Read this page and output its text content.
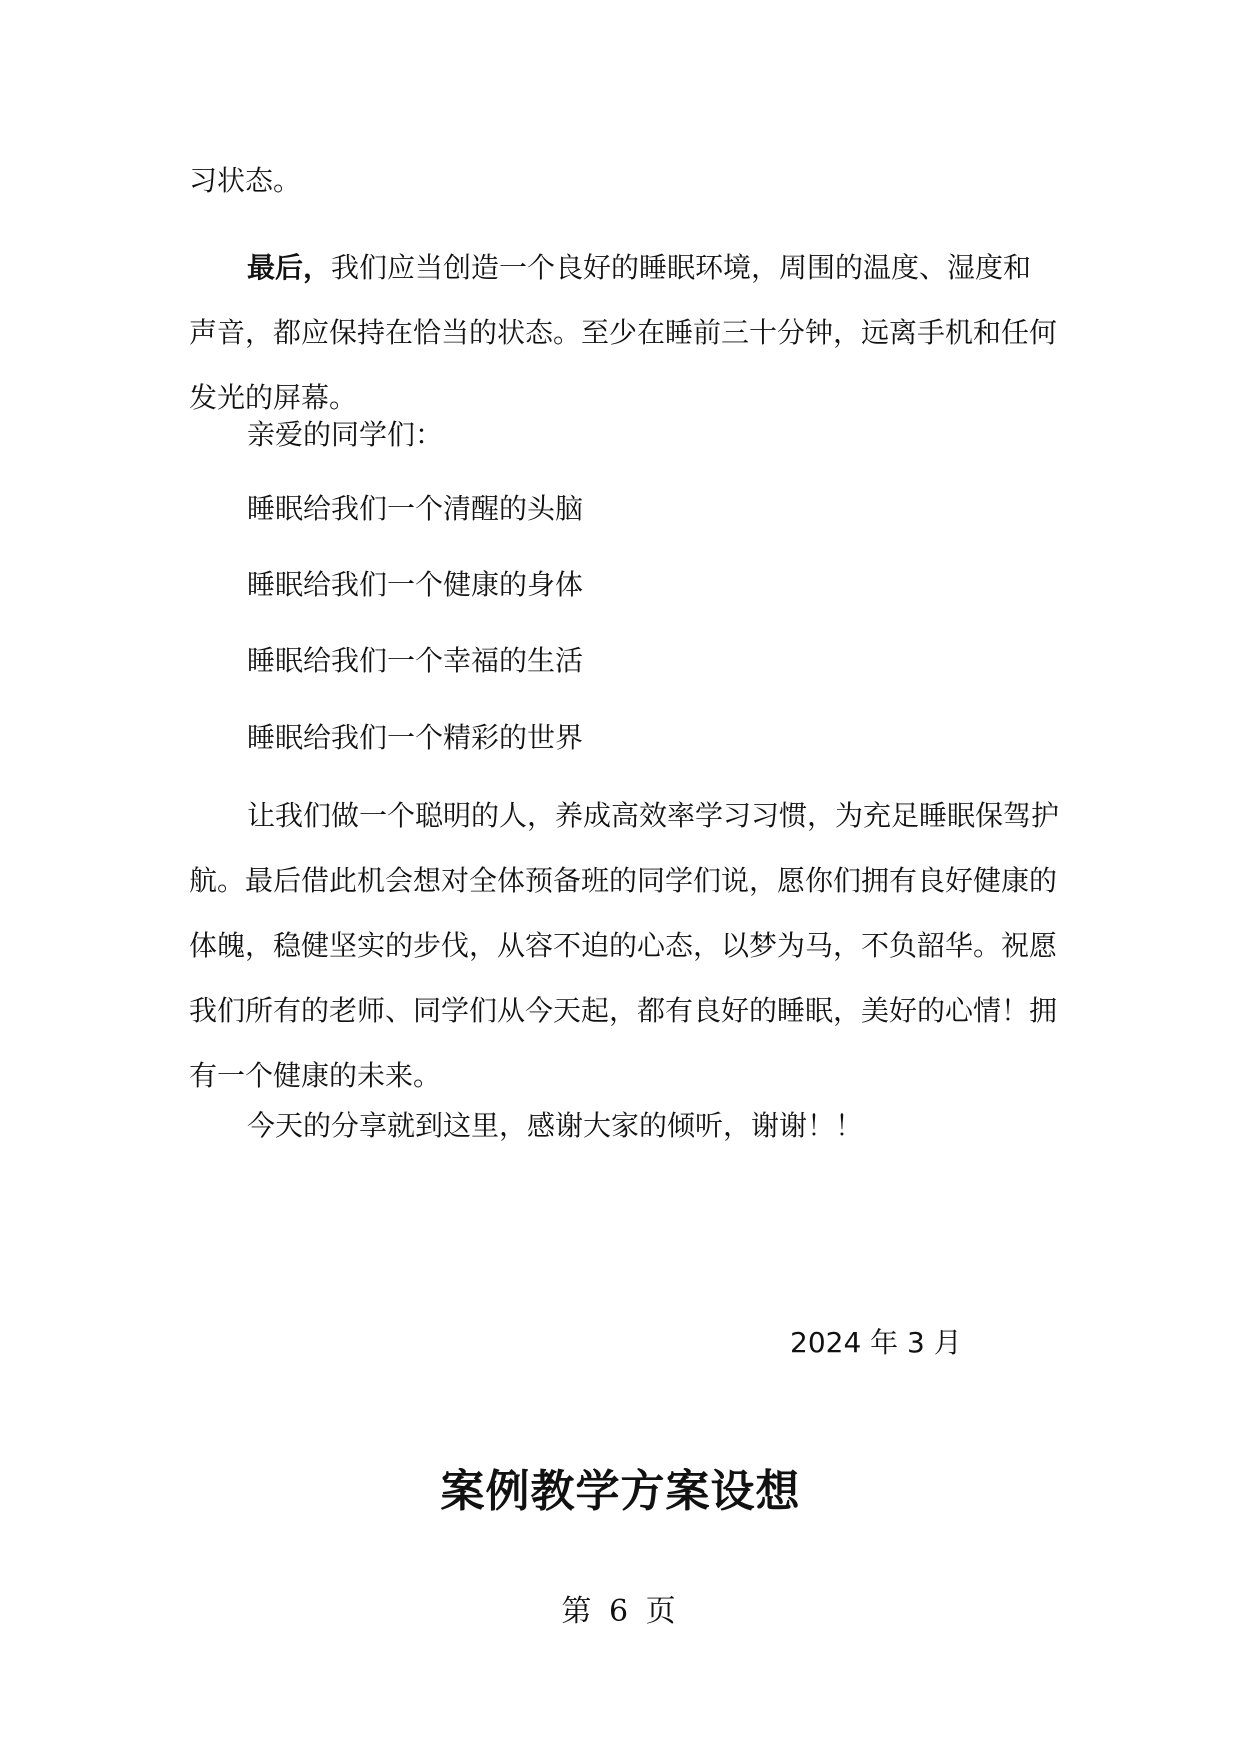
习状态。

最后，我们应当创造一个良好的睡眠环境，周围的温度、湿度和声音，都应保持在恰当的状态。至少在睡前三十分钟，远离手机和任何发光的屏幕。

亲爱的同学们：

睡眠给我们一个清醒的头脑

睡眠给我们一个健康的身体

睡眠给我们一个幸福的生活

睡眠给我们一个精彩的世界

让我们做一个聪明的人，养成高效率学习习惯，为充足睡眠保驾护航。最后借此机会想对全体预备班的同学们说，愿你们拥有良好健康的体魄，稳健坚实的步伐，从容不迫的心态，以梦为马，不负韶华。祝愿我们所有的老师、同学们从今天起，都有良好的睡眠，美好的心情！拥有一个健康的未来。

今天的分享就到这里，感谢大家的倾听，谢谢！！

2024 年 3 月
案例教学方案设想
第 6 页
